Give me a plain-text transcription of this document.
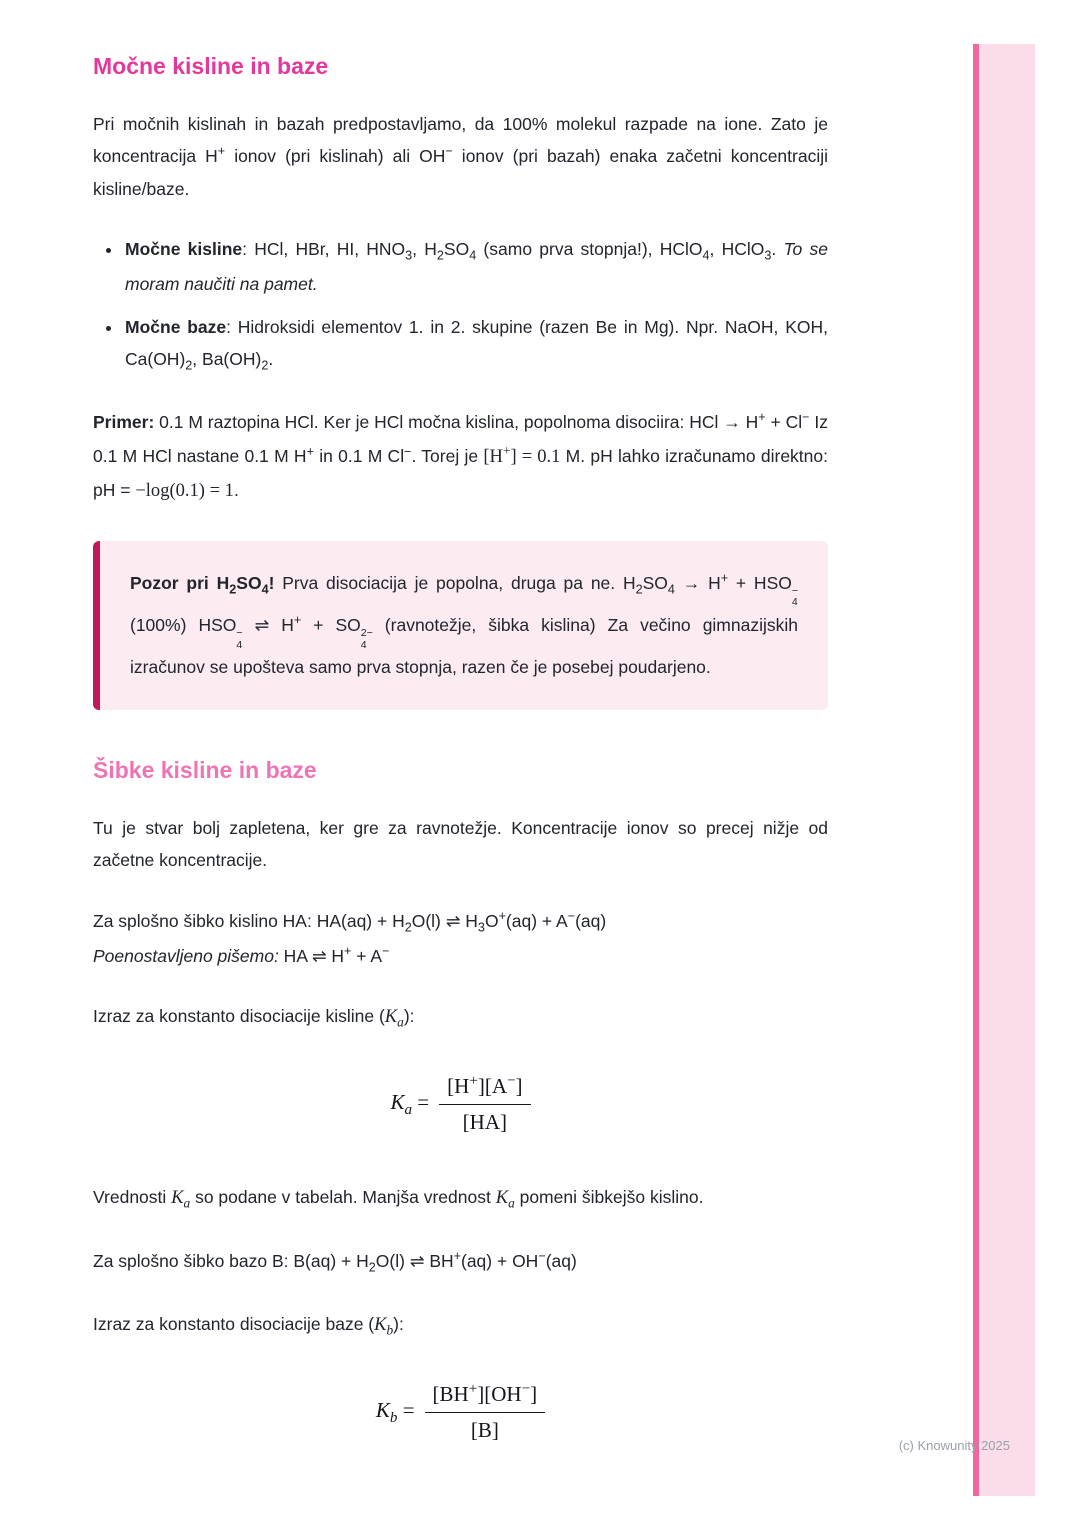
Močne kisline in baze

Pri močnih kislinah in bazah predpostavljamo, da 100% molekul razpade na ione. Zato je koncentracija H+ ionov (pri kislinah) ali OH− ionov (pri bazah) enaka začetni koncentraciji kisline/baze.

• Močne kisline: HCl, HBr, HI, $HNO_3$, $H_2SO_4$ (samo prva stopnja!), HClO$_4$, HClO$_3$. To se moram naučiti na pamet.
• Močne baze: Hidroksidi elementov 1. in 2. skupine (razen Be in Mg). Npr. NaOH, KOH, $Ca(OH)_2$, $Ba(OH)_2$.

Primer: 0.1 M raztopina HCl. Ker je HCl močna kislina, popolnoma disociira: HCl → H+ + Cl− Iz 0.1 M HCl nastane 0.1 M H+ in 0.1 M Cl−. Torej je [H+] = 0.1 M. pH lahko izračunamo direktno: pH = −log(0.1) = 1.

Pozor pri $H_2SO_4$! Prva disociacija je popolna, druga pa ne. $H_2SO_4 \to H^+$ + HSO −
4
(100%) HSO −
4
⇌ H+ + SO 2−
4
(ravnotežje, šibka kislina) Za večino gimnazijskih izračunov se upošteva samo prva stopnja, razen če je posebej poudarjeno.

Šibke kisline in baze

Tu je stvar bolj zapletena, ker gre za ravnotežje. Koncentracije ionov so precej nižje od začetne koncentracije.

Za splošno šibko kislino HA: $HA(aq) + H_2O(l)$ ⇌ $H_3O^+(aq) + A^-(aq)$
Poenostavljeno pišemo: HA ⇌ H+ + A−

Izraz za konstanto disociacije kisline $(K_a)$:

$K_a = \frac{[H^+][A^-]}{[HA]}$

Vrednosti $K_a$ so podane v tabelah. Manjša vrednost $K_a$ pomeni šibkejšo kislino.

Za splošno šibko bazo B: $B(aq) + H_2O(l)$ ⇌ BH+(aq) + OH−(aq)

Izraz za konstanto disociacije baze $(K_b)$:

$K_b = \frac{[BH^+][OH^-]}{[B]}$
(c) Knowunity 2025
